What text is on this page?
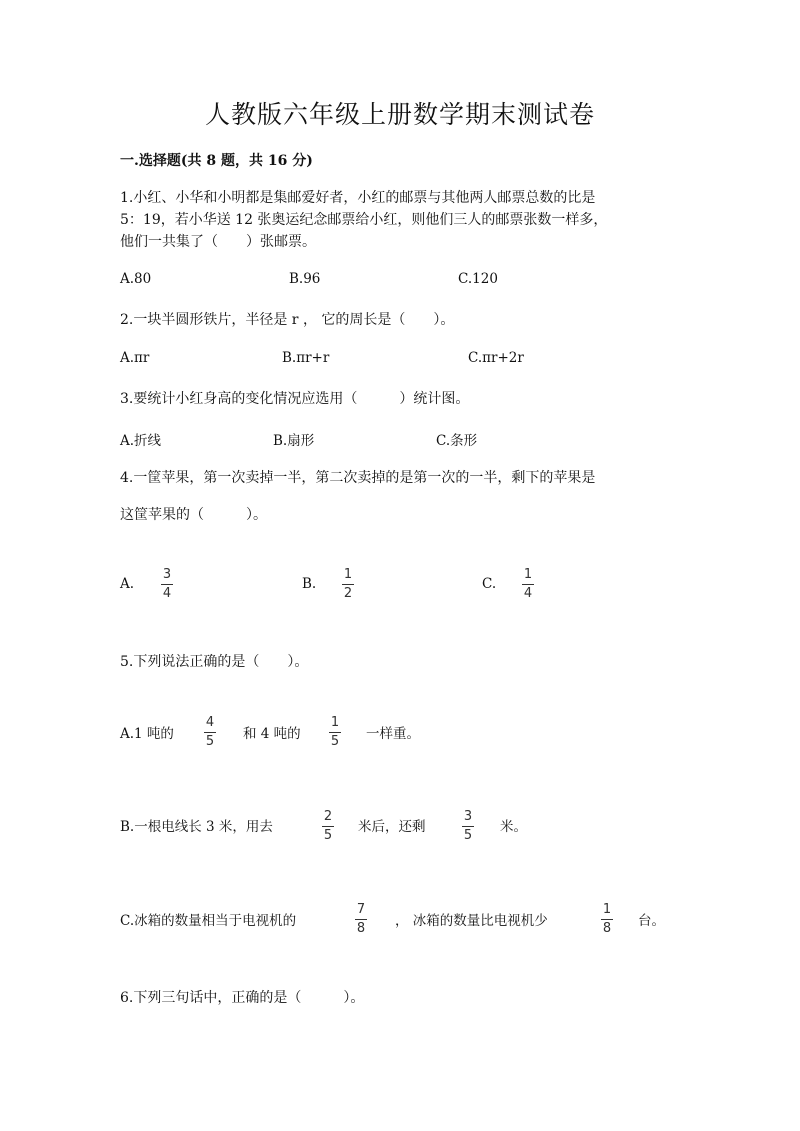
人教版六年级上册数学期末测试卷
一.选择题(共 8 题，共 16 分)
1.小红、小华和小明都是集邮爱好者，小红的邮票与其他两人邮票总数的比是
5：19，若小华送 12 张奥运纪念邮票给小红，则他们三人的邮票张数一样多，
他们一共集了（　　）张邮票。
A.80	B.96	C.120
2.一块半圆形铁片，半径是 r ， 它的周长是（　　）。
A.πr	B.πr+r	C.πr+2r
3.要统计小红身高的变化情况应选用（　　　）统计图。
A.折线	B.扇形	C.条形
4.一筐苹果，第一次卖掉一半，第二次卖掉的是第一次的一半，剩下的苹果是
这筐苹果的（　　　）。
A.
3
4
B.
1
2
C.
1
4
5.下列说法正确的是（　　）。
A.1 吨的
4
5 和 4 吨的
1
5 一样重。
B.一根电线长 3 米，用去
2
5
米后，还剩
3
5
米。
C.冰箱的数量相当于电视机的
7
8 ， 冰箱的数量比电视机少
1
8 台。
6.下列三句话中，正确的是（　　　）。
